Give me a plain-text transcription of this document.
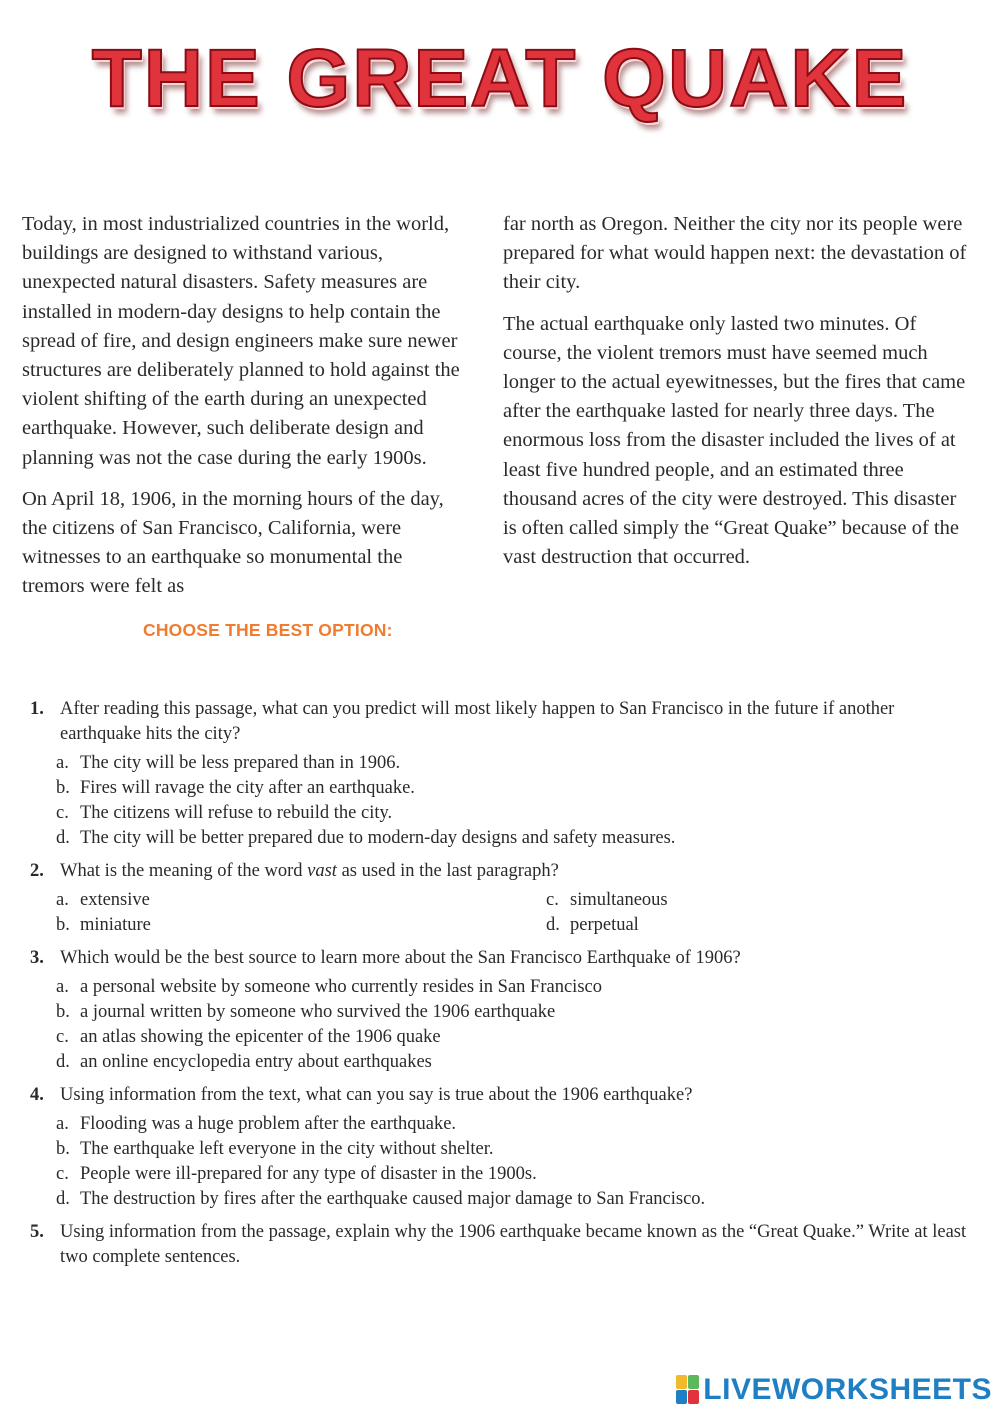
THE GREAT QUAKE

Today, in most industrialized countries in the world, buildings are designed to withstand various, unexpected natural disasters. Safety measures are installed in modern-day designs to help contain the spread of fire, and design engineers make sure newer structures are deliberately planned to hold against the violent shifting of the earth during an unexpected earthquake. However, such deliberate design and planning was not the case during the early 1900s.

On April 18, 1906, in the morning hours of the day, the citizens of San Francisco, California, were witnesses to an earthquake so monumental the tremors were felt as

far north as Oregon. Neither the city nor its people were prepared for what would happen next: the devastation of their city.

The actual earthquake only lasted two minutes. Of course, the violent tremors must have seemed much longer to the actual eyewitnesses, but the fires that came after the earthquake lasted for nearly three days. The enormous loss from the disaster included the lives of at least five hundred people, and an estimated three thousand acres of the city were destroyed. This disaster is often called simply the “Great Quake” because of the vast destruction that occurred.

CHOOSE THE BEST OPTION:
1. After reading this passage, what can you predict will most likely happen to San Francisco in the future if another earthquake hits the city?
a. The city will be less prepared than in 1906.
b. Fires will ravage the city after an earthquake.
c. The citizens will refuse to rebuild the city.
d. The city will be better prepared due to modern-day designs and safety measures.
2. What is the meaning of the word vast as used in the last paragraph?
a. extensive	c. simultaneous
b. miniature	d. perpetual
3. Which would be the best source to learn more about the San Francisco Earthquake of 1906?
a. a personal website by someone who currently resides in San Francisco
b. a journal written by someone who survived the 1906 earthquake
c. an atlas showing the epicenter of the 1906 quake
d. an online encyclopedia entry about earthquakes
4. Using information from the text, what can you say is true about the 1906 earthquake?
a. Flooding was a huge problem after the earthquake.
b. The earthquake left everyone in the city without shelter.
c. People were ill-prepared for any type of disaster in the 1900s.
d. The destruction by fires after the earthquake caused major damage to San Francisco.
5. Using information from the passage, explain why the 1906 earthquake became known as the “Great Quake.” Write at least two complete sentences.
LIVEWORKSHEETS
